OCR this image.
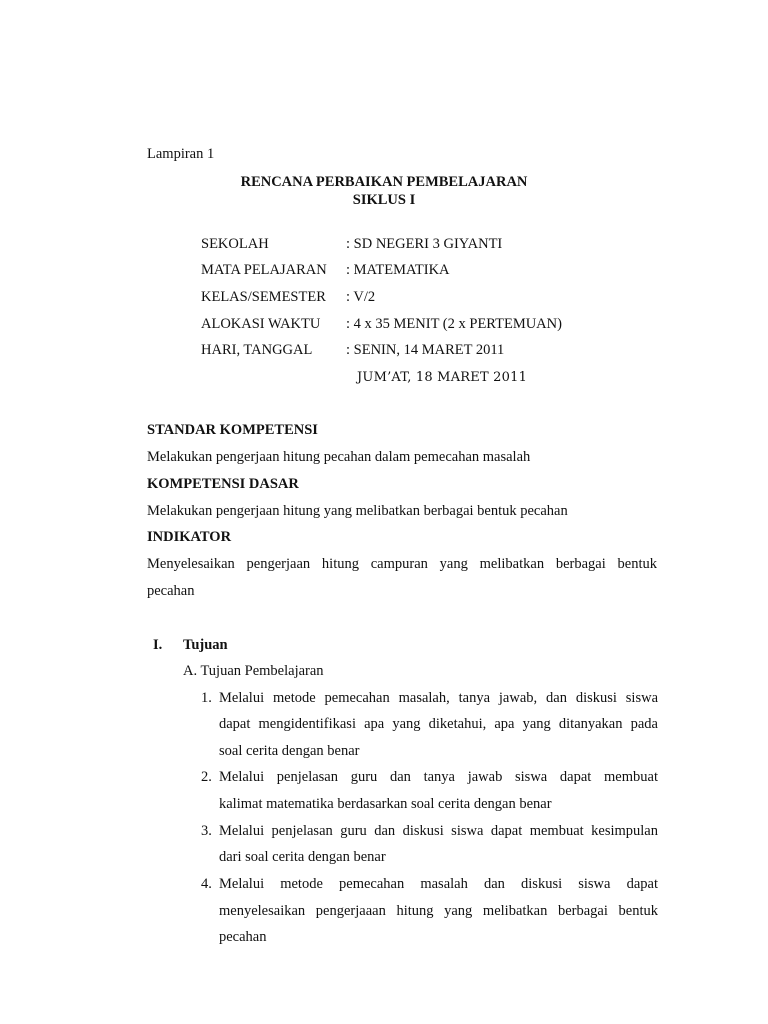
Lampiran 1
RENCANA PERBAIKAN PEMBELAJARAN
SIKLUS I
SEKOLAH	: SD NEGERI 3 GIYANTI
MATA PELAJARAN : MATEMATIKA
KELAS/SEMESTER : V/2
ALOKASI WAKTU : 4 x 35 MENIT (2 x PERTEMUAN)
HARI, TANGGAL : SENIN, 14 MARET 2011
JUM’AT, 18 MARET 2011
STANDAR KOMPETENSI
Melakukan pengerjaan hitung pecahan dalam pemecahan masalah
KOMPETENSI DASAR
Melakukan pengerjaan hitung yang melibatkan berbagai bentuk pecahan
INDIKATOR
Menyelesaikan pengerjaan hitung campuran yang melibatkan berbagai bentuk
pecahan
I. Tujuan
A. Tujuan Pembelajaran
1. Melalui metode pemecahan masalah, tanya jawab, dan diskusi siswa
dapat mengidentifikasi apa yang diketahui, apa yang ditanyakan pada
soal cerita dengan benar
2. Melalui penjelasan guru dan tanya jawab siswa dapat membuat
kalimat matematika berdasarkan soal cerita dengan benar
3. Melalui penjelasan guru dan diskusi siswa dapat membuat kesimpulan
dari soal cerita dengan benar
4. Melalui metode pemecahan masalah dan diskusi siswa dapat
menyelesaikan pengerjaaan hitung yang melibatkan berbagai bentuk
pecahan
